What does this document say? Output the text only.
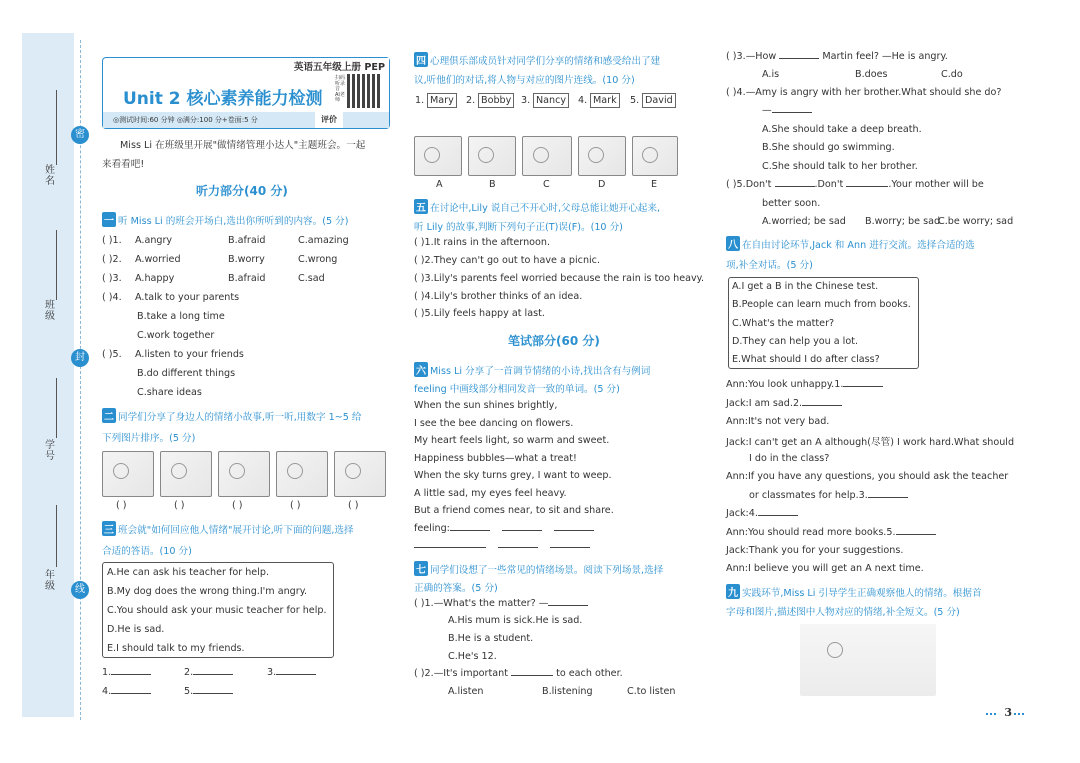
密
封
线
姓名
班级
学号
年级
英语五年级上册 PEP
Unit 2 核心素养能力检测
扫码听录音 AI老师
◎测试时间:60 分钟 ◎满分:100 分+卷面:5 分	评价
Miss Li 在班级里开展"做情绪管理小达人"主题班会。一起
来看看吧!
听力部分(40 分)
一 听 Miss Li 的班会开场白,选出你所听到的内容。(5 分)
( )1. A.angry	B.afraid	C.amazing
( )2. A.worried	B.worry	C.wrong
( )3. A.happy	B.afraid	C.sad
( )4. A.talk to your parents
B.take a long time
C.work together
( )5. A.listen to your friends
B.do different things
C.share ideas
二 同学们分享了身边人的情绪小故事,听一听,用数字 1~5 给
下列图片排序。(5 分)
( )	( )	( )	( )	( )
三 班会就"如何回应他人情绪"展开讨论,听下面的问题,选择
合适的答语。(10 分)
A.He can ask his teacher for help.
B.My dog does the wrong thing.I'm angry.
C.You should ask your music teacher for help.
D.He is sad.
E.I should talk to my friends.
1.	2.	3.
4.	5.
四 心理俱乐部成员针对同学们分享的情绪和感受给出了建
议,听他们的对话,将人物与对应的图片连线。(10 分)
1. Mary	2. Bobby	3. Nancy	4. Mark	5. David
A	B	C	D	E
五 在讨论中,Lily 说自己不开心时,父母总能让她开心起来,
听 Lily 的故事,判断下列句子正(T)误(F)。(10 分)
( )1.It rains in the afternoon.
( )2.They can't go out to have a picnic.
( )3.Lily's parents feel worried because the rain is too heavy.
( )4.Lily's brother thinks of an idea.
( )5.Lily feels happy at last.
笔试部分(60 分)
六 Miss Li 分享了一首调节情绪的小诗,找出含有与例词
feeling 中画线部分相同发音一致的单词。(5 分)
When the sun shines brightly,
I see the bee dancing on flowers.
My heart feels light, so warm and sweet.
Happiness bubbles—what a treat!
When the sky turns grey, I want to weep.
A little sad, my eyes feel heavy.
But a friend comes near, to sit and share.
feeling:

七 同学们设想了一些常见的情绪场景。阅读下列场景,选择
正确的答案。(5 分)
( )1.—What's the matter? —
A.His mum is sick.He is sad.
B.He is a student.
C.He's 12.
( )2.—It's important	to each other.
A.listen	B.listening	C.to listen
( )3.—How	Martin feel? —He is angry.
A.is	B.does	C.do
( )4.—Amy is angry with her brother.What should she do?
—
A.She should take a deep breath.
B.She should go swimming.
C.She should talk to her brother.
( )5.Don't	.Don't	.Your mother will be
better soon.
A.worried; be sad B.worry; be sad
C.be worry; sad
八 在自由讨论环节,Jack 和 Ann 进行交流。选择合适的选
项,补全对话。(5 分)
A.I get a B in the Chinese test.
B.People can learn much from books.
C.What's the matter?
D.They can help you a lot.
E.What should I do after class?
Ann:You look unhappy.1.
Jack:I am sad.2.
Ann:It's not very bad.
Jack:I can't get an A although(尽管) I work hard.What should
I do in the class?
Ann:If you have any questions, you should ask the teacher
or classmates for help.3.
Jack:4.
Ann:You should read more books.5.
Jack:Thank you for your suggestions.
Ann:I believe you will get an A next time.
九 实践环节,Miss Li 引导学生正确观察他人的情绪。根据首
字母和图片,描述图中人物对应的情绪,补全短文。(5 分)
3
